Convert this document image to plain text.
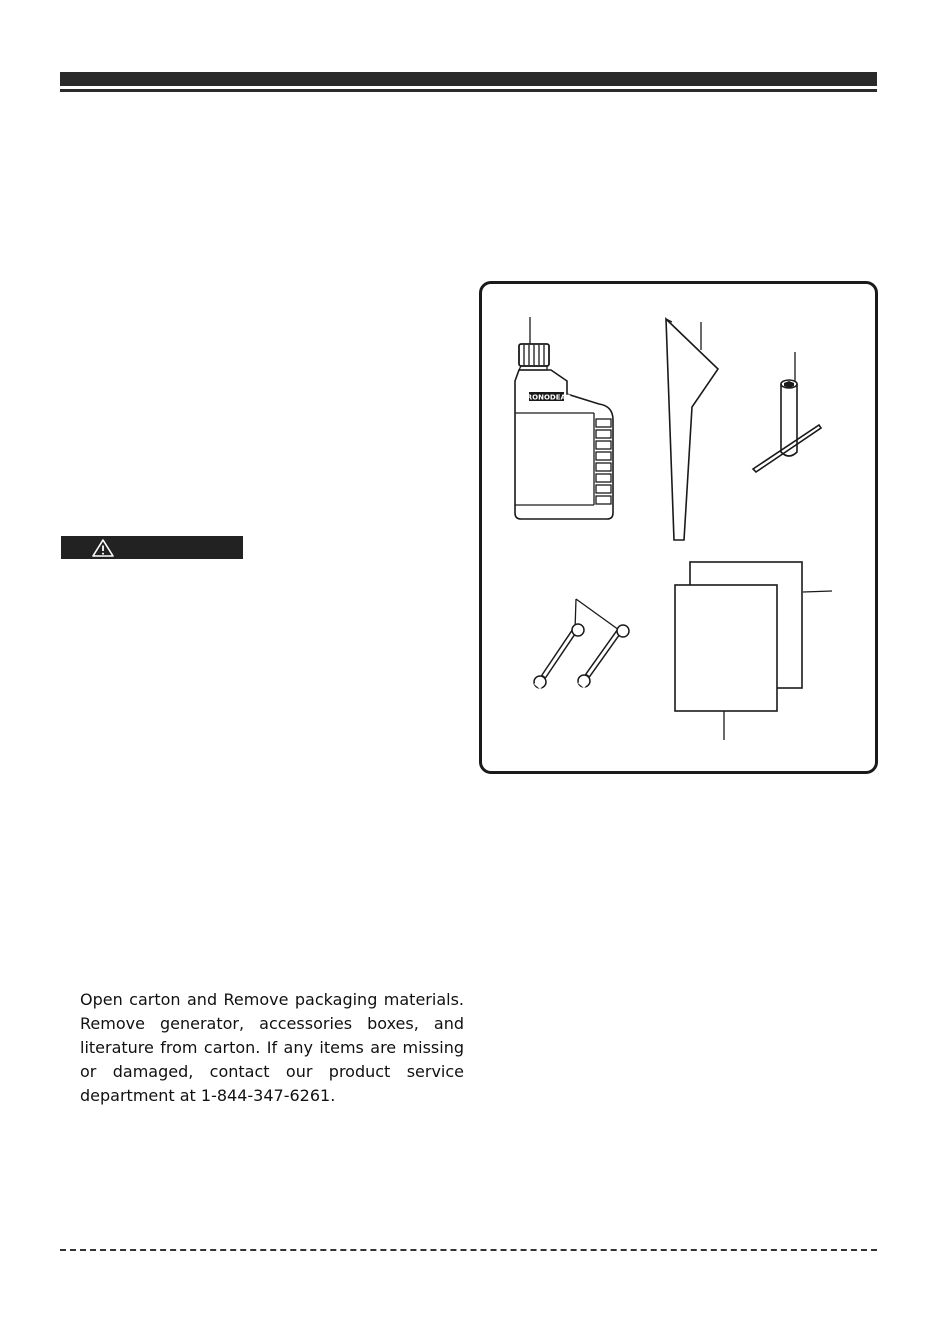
FRONODEAS

Open carton and Remove packaging materials. Remove generator, accessories boxes, and literature from carton. If any items are missing or damaged, contact our product service department at 1-844-347-6261.
